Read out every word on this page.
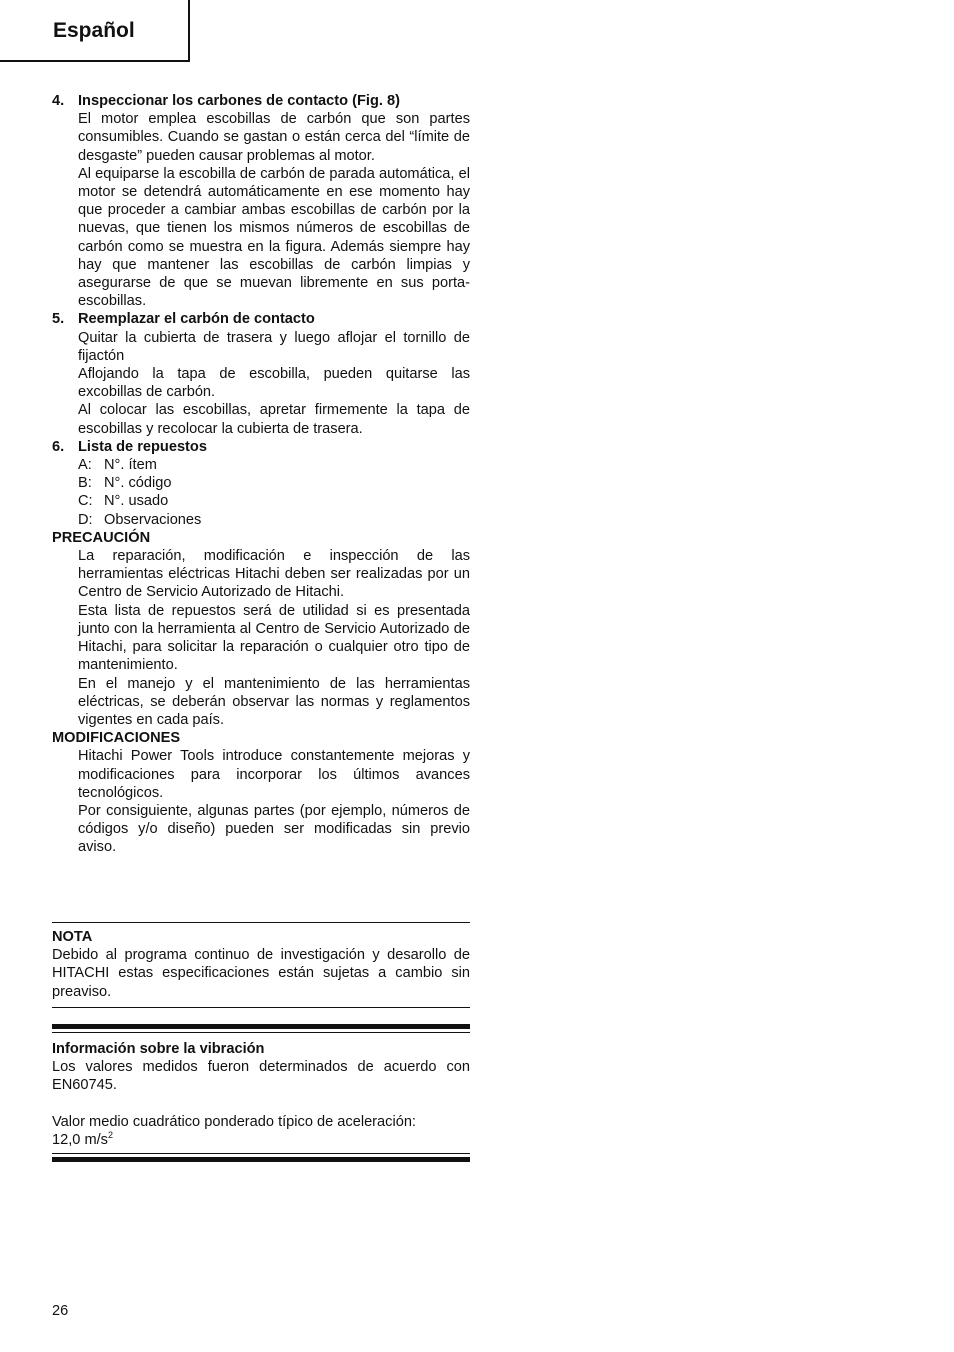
Español
4. Inspeccionar los carbones de contacto (Fig. 8)

El motor emplea escobillas de carbón que son partes consumibles. Cuando se gastan o están cerca del “límite de desgaste” pueden causar problemas al motor.

Al equiparse la escobilla de carbón de parada automática, el motor se detendrá automáticamente en ese momento hay que proceder a cambiar ambas escobillas de carbón por la nuevas, que tienen los mismos números de escobillas de carbón como se muestra en la figura. Además siempre hay hay que mantener las escobillas de carbón limpias y asegurarse de que se muevan libremente en sus porta-escobillas.

5. Reemplazar el carbón de contacto

Quitar la cubierta de trasera y luego aflojar el tornillo de fijactón

Aflojando la tapa de escobilla, pueden quitarse las excobillas de carbón.

Al colocar las escobillas, apretar firmemente la tapa de escobillas y recolocar la cubierta de trasera.

6. Lista de repuestos
A: N°. ítem
B: N°. código
C: N°. usado
D: Observaciones
PRECAUCIÓN

La reparación, modificación e inspección de las herramientas eléctricas Hitachi deben ser realizadas por un Centro de Servicio Autorizado de Hitachi.

Esta lista de repuestos será de utilidad si es presentada junto con la herramienta al Centro de Servicio Autorizado de Hitachi, para solicitar la reparación o cualquier otro tipo de mantenimiento.

En el manejo y el mantenimiento de las herramientas eléctricas, se deberán observar las normas y reglamentos vigentes en cada país.

MODIFICACIONES

Hitachi Power Tools introduce constantemente mejoras y modificaciones para incorporar los últimos avances tecnológicos.

Por consiguiente, algunas partes (por ejemplo, números de códigos y/o diseño) pueden ser modificadas sin previo aviso.

NOTA
Debido al programa continuo de investigación y desarollo de HITACHI estas especificaciones están sujetas a cambio sin preaviso.
Información sobre la vibración
Los valores medidos fueron determinados de acuerdo con EN60745.
Valor medio cuadrático ponderado típico de aceleración:
12,0 $m/s^2$
26
